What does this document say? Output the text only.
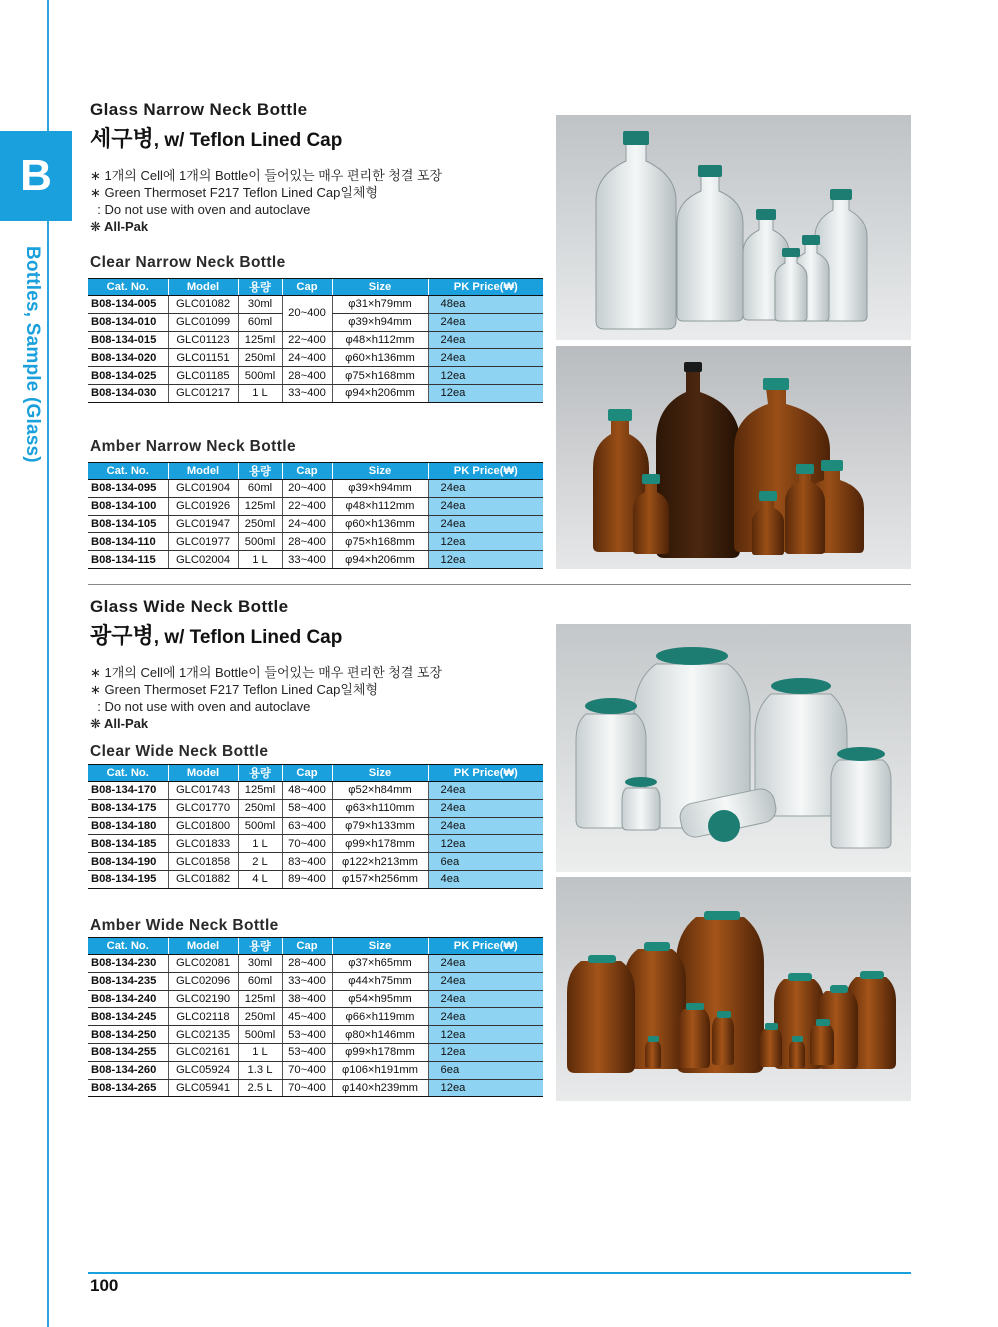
B
Bottles, Sample (Glass)
Glass Narrow Neck Bottle
세구병, w/ Teflon Lined Cap
∗ 1개의 Cell에 1개의 Bottle이 들어있는 매우 편리한 청결 포장
∗ Green Thermoset F217 Teflon Lined Cap일체형
: Do not use with oven and autoclave
❋ All-Pak
Clear Narrow Neck Bottle
Cat. No.	Model	용량	Cap	Size	PK Price(₩)
B08-134-005	GLC01082	30ml	20~400	φ31×h79mm	48ea
B08-134-010	GLC01099	60ml		φ39×h94mm	24ea
B08-134-015	GLC01123	125ml	22~400	φ48×h112mm	24ea
B08-134-020	GLC01151	250ml	24~400	φ60×h136mm	24ea
B08-134-025	GLC01185	500ml	28~400	φ75×h168mm	12ea
B08-134-030	GLC01217	1 L	33~400	φ94×h206mm	12ea
Amber Narrow Neck Bottle
Cat. No.	Model	용량	Cap	Size	PK Price(₩)
B08-134-095	GLC01904	60ml	20~400	φ39×h94mm	24ea
B08-134-100	GLC01926	125ml	22~400	φ48×h112mm	24ea
B08-134-105	GLC01947	250ml	24~400	φ60×h136mm	24ea
B08-134-110	GLC01977	500ml	28~400	φ75×h168mm	12ea
B08-134-115	GLC02004	1 L	33~400	φ94×h206mm	12ea
Glass Wide Neck Bottle
광구병, w/ Teflon Lined Cap
∗ 1개의 Cell에 1개의 Bottle이 들어있는 매우 편리한 청결 포장
∗ Green Thermoset F217 Teflon Lined Cap일체형
: Do not use with oven and autoclave
❋ All-Pak
Clear Wide Neck Bottle
Cat. No.	Model	용량	Cap	Size	PK Price(₩)
B08-134-170	GLC01743	125ml	48~400	φ52×h84mm	24ea
B08-134-175	GLC01770	250ml	58~400	φ63×h110mm	24ea
B08-134-180	GLC01800	500ml	63~400	φ79×h133mm	24ea
B08-134-185	GLC01833	1 L	70~400	φ99×h178mm	12ea
B08-134-190	GLC01858	2 L	83~400	φ122×h213mm	6ea
B08-134-195	GLC01882	4 L	89~400	φ157×h256mm	4ea
Amber Wide Neck Bottle
Cat. No.	Model	용량	Cap	Size	PK Price(₩)
B08-134-230	GLC02081	30ml	28~400	φ37×h65mm	24ea
B08-134-235	GLC02096	60ml	33~400	φ44×h75mm	24ea
B08-134-240	GLC02190	125ml	38~400	φ54×h95mm	24ea
B08-134-245	GLC02118	250ml	45~400	φ66×h119mm	24ea
B08-134-250	GLC02135	500ml	53~400	φ80×h146mm	12ea
B08-134-255	GLC02161	1 L	53~400	φ99×h178mm	12ea
B08-134-260	GLC05924	1.3 L	70~400	φ106×h191mm	6ea
B08-134-265	GLC05941	2.5 L	70~400	φ140×h239mm	12ea
100
